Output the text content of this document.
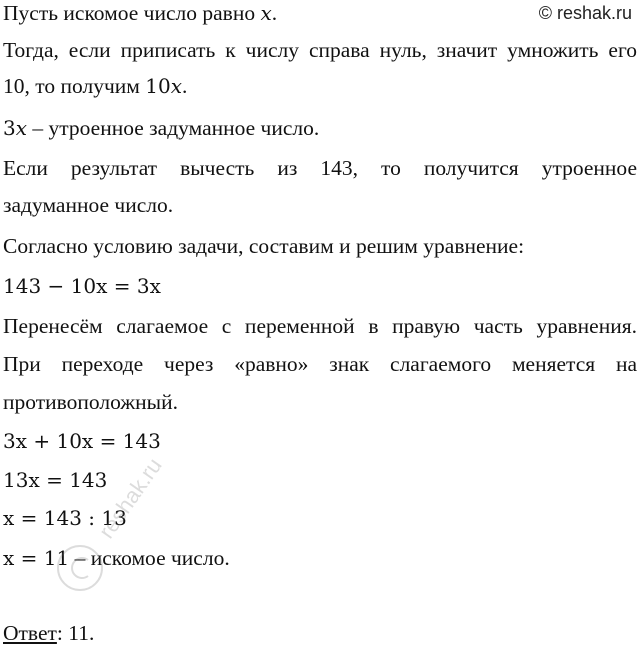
© reshak.ru
Пусть искомое число равно x.
Тогда, если приписать к числу справа нуль, значит умножить его
10, то получим 10x.
3x – утроенное задуманное число.
Если результат вычесть из 143, то получится утроенное
задуманное число.
Согласно условию задачи, составим и решим уравнение:
143 − 10x = 3x
Перенесём слагаемое с переменной в правую часть уравнения.
При переходе через «равно» знак слагаемого меняется на
противоположный.
3x + 10x = 143
13x = 143
x = 143 : 13
x = 11 – искомое число.
Ответ: 11.
reshak.ru
